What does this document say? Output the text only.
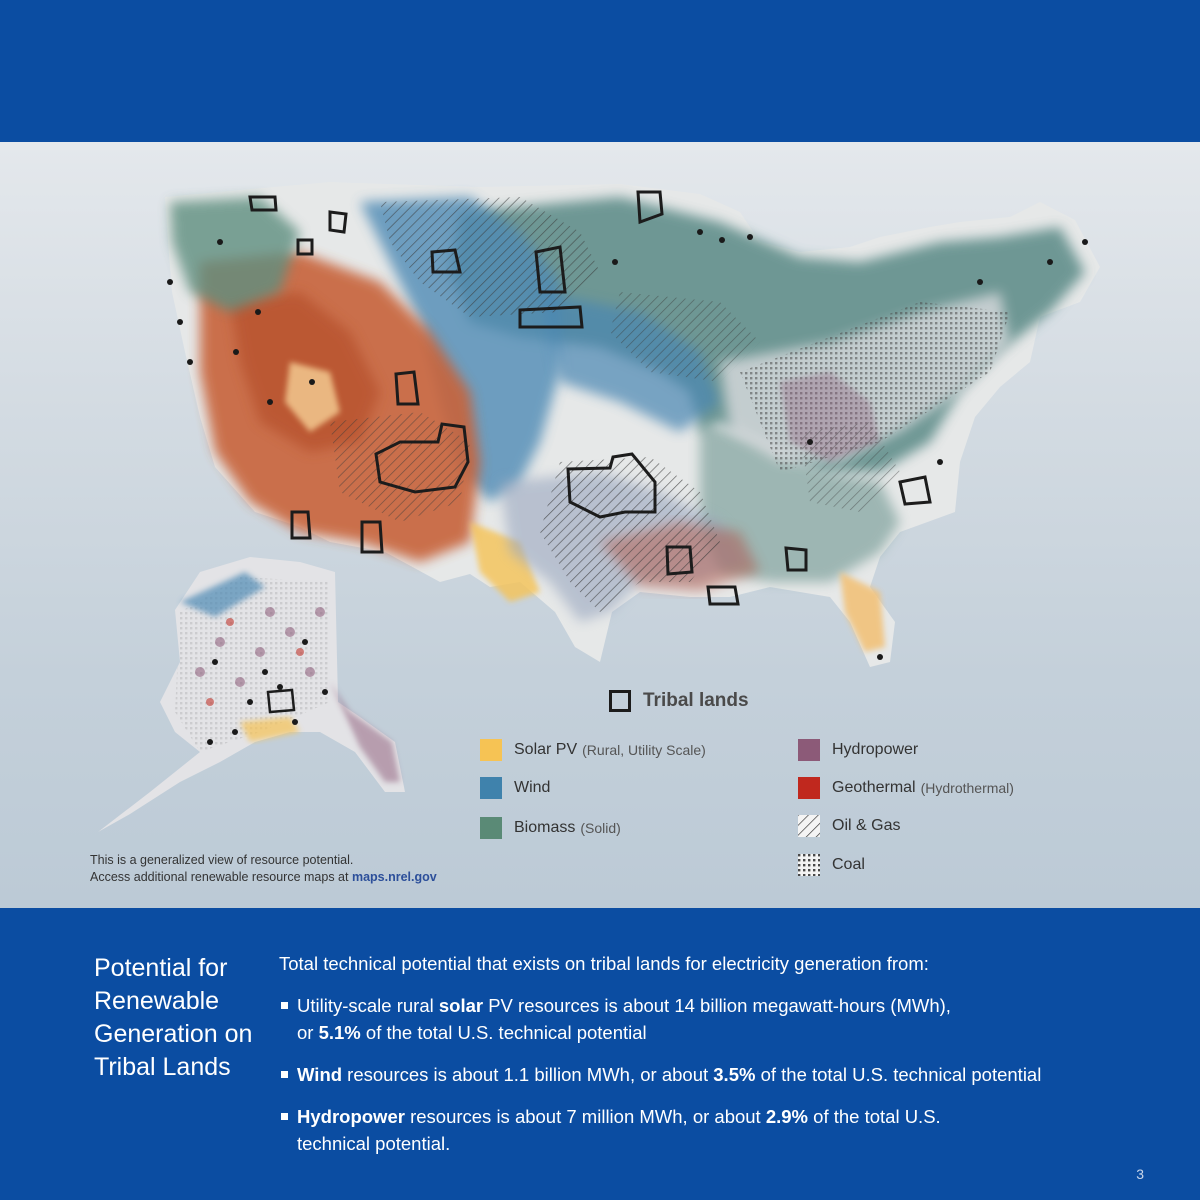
Tribal lands
Solar PV (Rural, Utility Scale)
Wind
Biomass (Solid)
Hydropower
Geothermal (Hydrothermal)
Oil & Gas
Coal
This is a generalized view of resource potential.
Access additional renewable resource maps at maps.nrel.gov
Potential for Renewable Generation on Tribal Lands
Total technical potential that exists on tribal lands for electricity generation from:
Utility-scale rural solar PV resources is about 14 billion megawatt-hours (MWh),
or 5.1% of the total U.S. technical potential
Wind resources is about 1.1 billion MWh, or about 3.5% of the total U.S. technical potential
Hydropower resources is about 7 million MWh, or about 2.9% of the total U.S.
technical potential.
3
